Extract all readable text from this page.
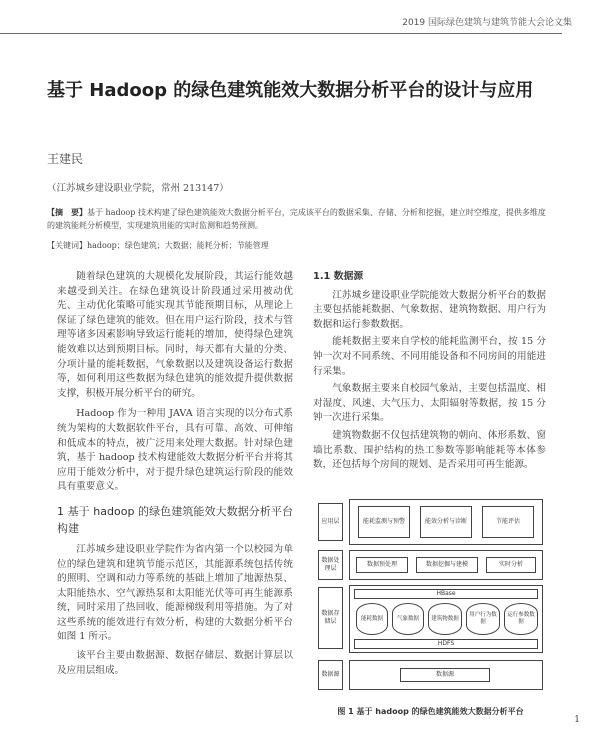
2019 国际绿色建筑与建筑节能大会论文集
基于 Hadoop 的绿色建筑能效大数据分析平台的设计与应用
王建民
（江苏城乡建设职业学院，常州 213147）
【摘　要】基于 hadoop 技术构建了绿色建筑能效大数据分析平台，完成该平台的数据采集、存储、分析和挖掘，建立时空维度，提供多维度的建筑能耗分析模型，实现建筑用能的实时监测和趋势预测。
【关键词】hadoop；绿色建筑；大数据；能耗分析；节能管理

随着绿色建筑的大规模化发展阶段，其运行能效越来越受到关注。在绿色建筑设计阶段通过采用被动优先、主动优化策略可能实现其节能预期目标，从理论上保证了绿色建筑的能效。但在用户运行阶段，技术与管理等诸多因素影响导致运行能耗的增加，使得绿色建筑能效难以达到预期目标。同时，每天都有大量的分类、分项计量的能耗数据，气象数据以及建筑设备运行数据等，如何利用这些数据为绿色建筑的能效提升提供数据支撑，积极开展分析平台的研究。

Hadoop 作为一种用 JAVA 语言实现的以分布式系统为架构的大数据软件平台，具有可靠、高效、可伸缩和低成本的特点，被广泛用来处理大数据。针对绿色建筑，基于 hadoop 技术构建能效大数据分析平台并将其应用于能效分析中，对于提升绿色建筑运行阶段的能效具有重要意义。

1 基于 hadoop 的绿色建筑能效大数据分析平台构建

江苏城乡建设职业学院作为省内第一个以校园为单位的绿色建筑和建筑节能示范区，其能源系统包括传统的照明、空调和动力等系统的基础上增加了地源热泵、太阳能热水、空气源热泵和太阳能光伏等可再生能源系统，同时采用了热回收、能源梯级利用等措施。为了对这些系统的能效进行有效分析，构建的大数据分析平台如图 1 所示。

该平台主要由数据源、数据存储层、数据计算层以及应用层组成。

1.1 数据源

江苏城乡建设职业学院能效大数据分析平台的数据主要包括能耗数据、气象数据、建筑物数据、用户行为数据和运行参数数据。

能耗数据主要来自学校的能耗监测平台，按 15 分钟一次对不同系统、不同用能设备和不同房间的用能进行采集。

气象数据主要来自校园气象站，主要包括温度、相对湿度、风速、大气压力、太阳辐射等数据，按 15 分钟一次进行采集。

建筑物数据不仅包括建筑物的朝向、体形系数、窗墙比系数、围护结构的热工参数等影响能耗等本体参数，还包括每个房间的规划、是否采用可再生能源。

应用层	能耗监测与预警	能效分析与诊断	节能评估
数据处理层
数据预处理	数据挖掘与建模	实时分析
数据存储层
HBase
能耗数据	气象数据	建筑物数据
用户行为数据
运行参数数据
HDFS
数据源	数据源
图 1 基于 hadoop 的绿色建筑能效大数据分析平台
1
